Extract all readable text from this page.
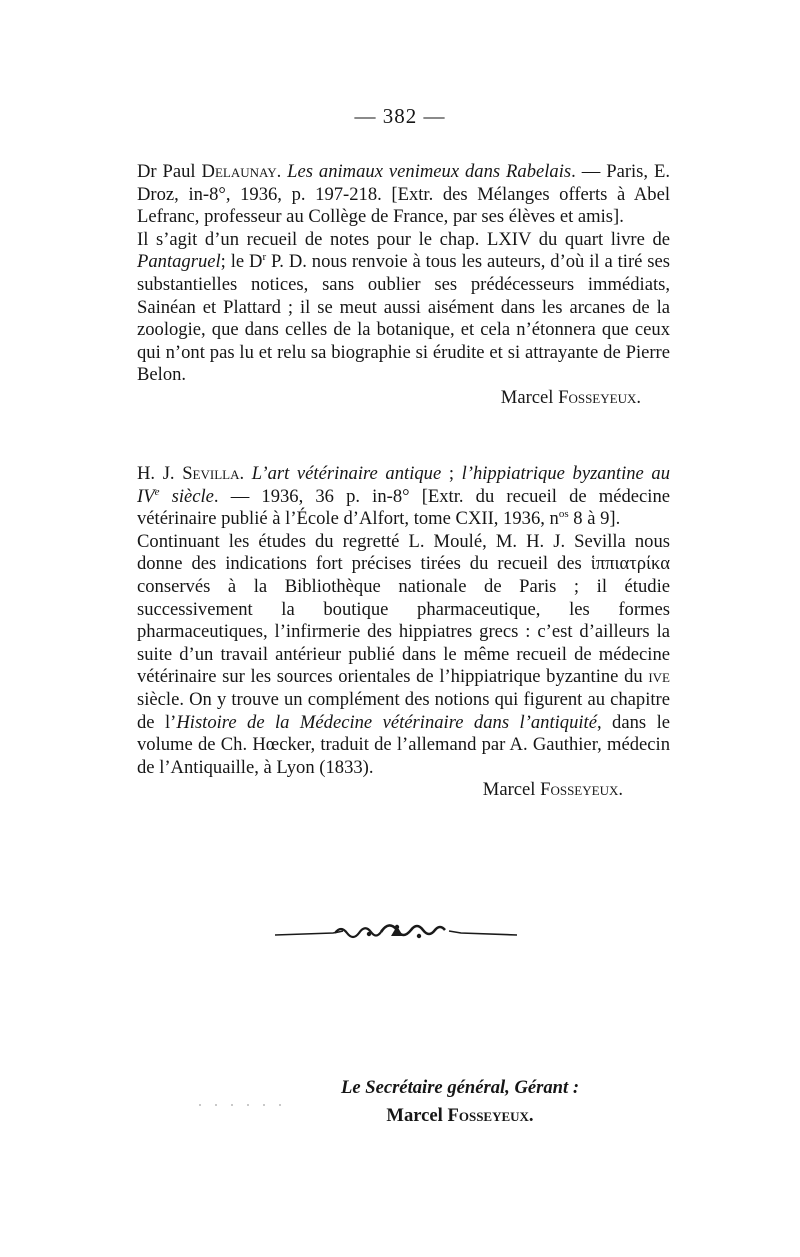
— 382 —

Dr Paul Delaunay. Les animaux venimeux dans Rabelais. — Paris, E. Droz, in-8°, 1936, p. 197-218. [Extr. des Mélanges offerts à Abel Lefranc, professeur au Collège de France, par ses élèves et amis].

Il s’agit d’un recueil de notes pour le chap. LXIV du quart livre de Pantagruel; le $D^r$ P. D. nous renvoie à tous les auteurs, d’où il a tiré ses substantielles notices, sans oublier ses prédécesseurs immédiats, Sainéan et Plattard ; il se meut aussi aisément dans les arcanes de la zoologie, que dans celles de la botanique, et cela n’étonnera que ceux qui n’ont pas lu et relu sa biographie si érudite et si attrayante de Pierre Belon.

Marcel Fosseyeux.

H. J. Sevilla. L’art vétérinaire antique ; l’hippiatrique byzantine au IVe siècle. — 1936, 36 p. in-8° [Extr. du recueil de médecine vétérinaire publié à l’École d’Alfort, tome CXII, 1936, $n^{os}$ 8 à 9].

Continuant les études du regretté L. Moulé, M. H. J. Sevilla nous donne des indications fort précises tirées du recueil des ἱππιατρίκα conservés à la Bibliothèque nationale de Paris ; il étudie successivement la boutique pharmaceutique, les formes pharmaceutiques, l’infirmerie des hippiatres grecs : c’est d’ailleurs la suite d’un travail antérieur publié dans le même recueil de médecine vétérinaire sur les sources orientales de l’hippiatrique byzantine du ive siècle. On y trouve un complément des notions qui figurent au chapitre de l’Histoire de la Médecine vétérinaire dans l’antiquité, dans le volume de Ch. Hœcker, traduit de l’allemand par A. Gauthier, médecin de l’Antiquaille, à Lyon (1833).

Marcel Fosseyeux.

Le Secrétaire général, Gérant :
Marcel Fosseyeux.
